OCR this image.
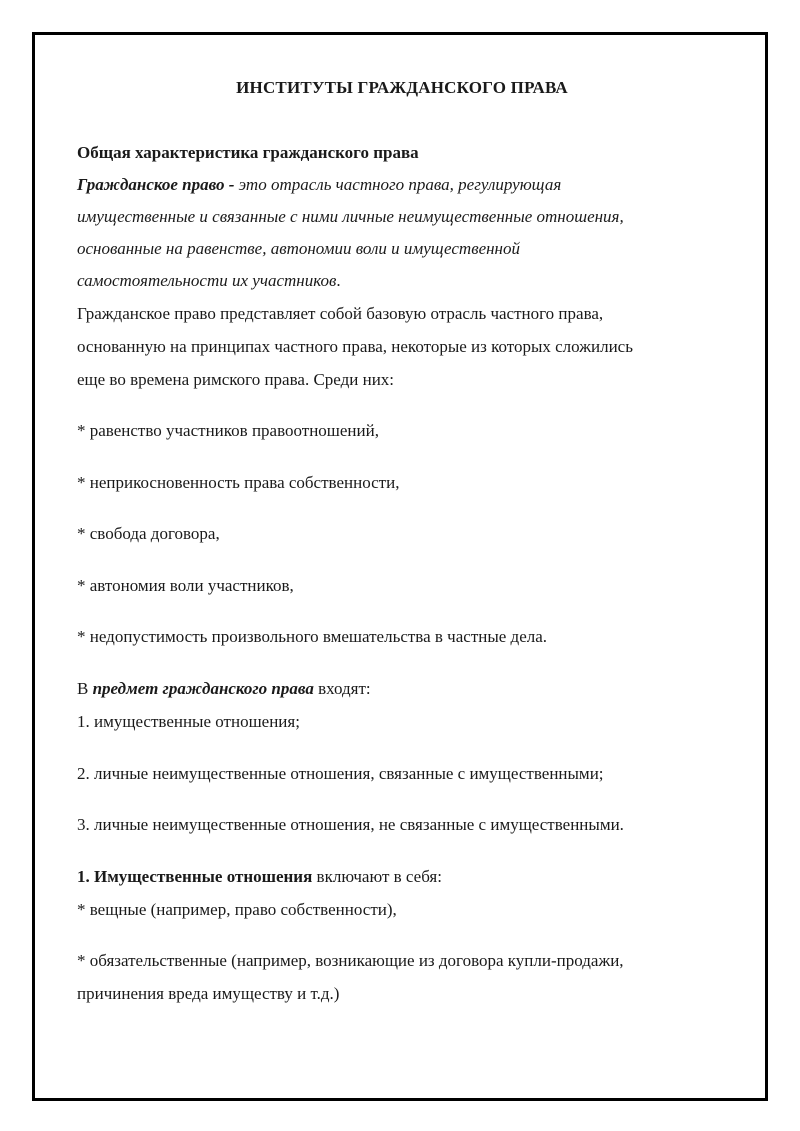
ИНСТИТУТЫ ГРАЖДАНСКОГО ПРАВА

Общая характеристика гражданского права

Гражданское право - это отрасль частного права, регулирующая

имущественные и связанные с ними личные неимущественные отношения,

основанные на равенстве, автономии воли и имущественной

самостоятельности их участников.

Гражданское право представляет собой базовую отрасль частного права,

основанную на принципах частного права, некоторые из которых сложились

еще во времена римского права. Среди них:

* равенство участников правоотношений,

* неприкосновенность права собственности,

* свобода договора,

* автономия воли участников,

* недопустимость произвольного вмешательства в частные дела.

В предмет гражданского права входят:

1. имущественные отношения;

2. личные неимущественные отношения, связанные с имущественными;

3. личные неимущественные отношения, не связанные с имущественными.

1. Имущественные отношения включают в себя:

* вещные (например, право собственности),

* обязательственные (например, возникающие из договора купли-продажи,

причинения вреда имуществу и т.д.)
